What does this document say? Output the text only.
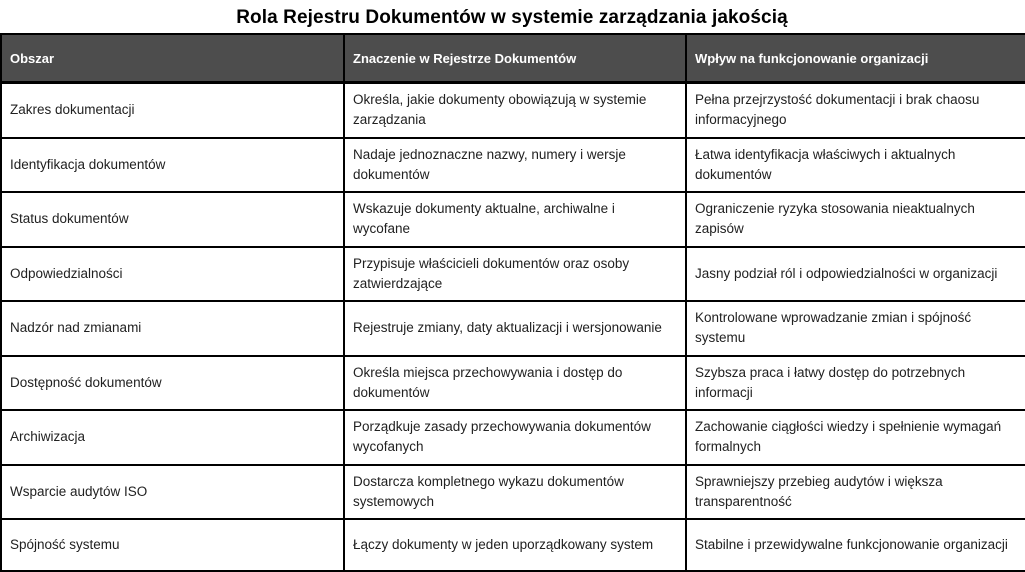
Rola Rejestru Dokumentów w systemie zarządzania jakością
Obszar	Znaczenie w Rejestrze Dokumentów	Wpływ na funkcjonowanie organizacji
Zakres dokumentacji	Określa, jakie dokumenty obowiązują w systemie zarządzania	Pełna przejrzystość dokumentacji i brak chaosu informacyjnego
Identyfikacja dokumentów	Nadaje jednoznaczne nazwy, numery i wersje dokumentów	Łatwa identyfikacja właściwych i aktualnych dokumentów
Status dokumentów	Wskazuje dokumenty aktualne, archiwalne i wycofane	Ograniczenie ryzyka stosowania nieaktualnych zapisów
Odpowiedzialności	Przypisuje właścicieli dokumentów oraz osoby zatwierdzające	Jasny podział ról i odpowiedzialności w organizacji
Nadzór nad zmianami	Rejestruje zmiany, daty aktualizacji i wersjonowanie	Kontrolowane wprowadzanie zmian i spójność systemu
Dostępność dokumentów	Określa miejsca przechowywania i dostęp do dokumentów	Szybsza praca i łatwy dostęp do potrzebnych informacji
Archiwizacja	Porządkuje zasady przechowywania dokumentów wycofanych	Zachowanie ciągłości wiedzy i spełnienie wymagań formalnych
Wsparcie audytów ISO	Dostarcza kompletnego wykazu dokumentów systemowych	Sprawniejszy przebieg audytów i większa transparentność
Spójność systemu	Łączy dokumenty w jeden uporządkowany system	Stabilne i przewidywalne funkcjonowanie organizacji
